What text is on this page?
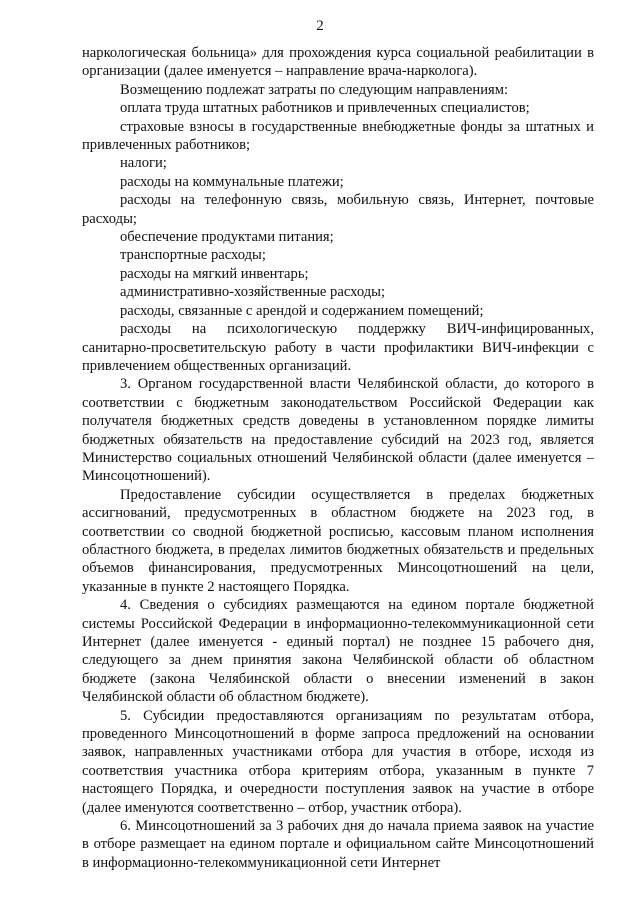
2

наркологическая больница» для прохождения курса социальной реабилитации в организации (далее именуется – направление врача-нарколога).

Возмещению подлежат затраты по следующим направлениям:

оплата труда штатных работников и привлеченных специалистов;

страховые взносы в государственные внебюджетные фонды за штатных и привлеченных работников;

налоги;

расходы на коммунальные платежи;

расходы на телефонную связь, мобильную связь, Интернет, почтовые расходы;

обеспечение продуктами питания;

транспортные расходы;

расходы на мягкий инвентарь;

административно-хозяйственные расходы;

расходы, связанные с арендой и содержанием помещений;

расходы на психологическую поддержку ВИЧ-инфицированных, санитарно-просветительскую работу в части профилактики ВИЧ-инфекции с привлечением общественных организаций.

3. Органом государственной власти Челябинской области, до которого в соответствии с бюджетным законодательством Российской Федерации как получателя бюджетных средств доведены в установленном порядке лимиты бюджетных обязательств на предоставление субсидий на 2023 год, является Министерство социальных отношений Челябинской области (далее именуется – Минсоцотношений).

Предоставление субсидии осуществляется в пределах бюджетных ассигнований, предусмотренных в областном бюджете на 2023 год, в соответствии со сводной бюджетной росписью, кассовым планом исполнения областного бюджета, в пределах лимитов бюджетных обязательств и предельных объемов финансирования, предусмотренных Минсоцотношений на цели, указанные в пункте 2 настоящего Порядка.

4. Сведения о субсидиях размещаются на едином портале бюджетной системы Российской Федерации в информационно-телекоммуникационной сети Интернет (далее именуется - единый портал) не позднее 15 рабочего дня, следующего за днем принятия закона Челябинской области об областном бюджете (закона Челябинской области о внесении изменений в закон Челябинской области об областном бюджете).

5. Субсидии предоставляются организациям по результатам отбора, проведенного Минсоцотношений в форме запроса предложений на основании заявок, направленных участниками отбора для участия в отборе, исходя из соответствия участника отбора критериям отбора, указанным в пункте 7 настоящего Порядка, и очередности поступления заявок на участие в отборе (далее именуются соответственно – отбор, участник отбора).

6. Минсоцотношений за 3 рабочих дня до начала приема заявок на участие в отборе размещает на едином портале и официальном сайте Минсоцотношений в информационно-телекоммуникационной сети Интернет
